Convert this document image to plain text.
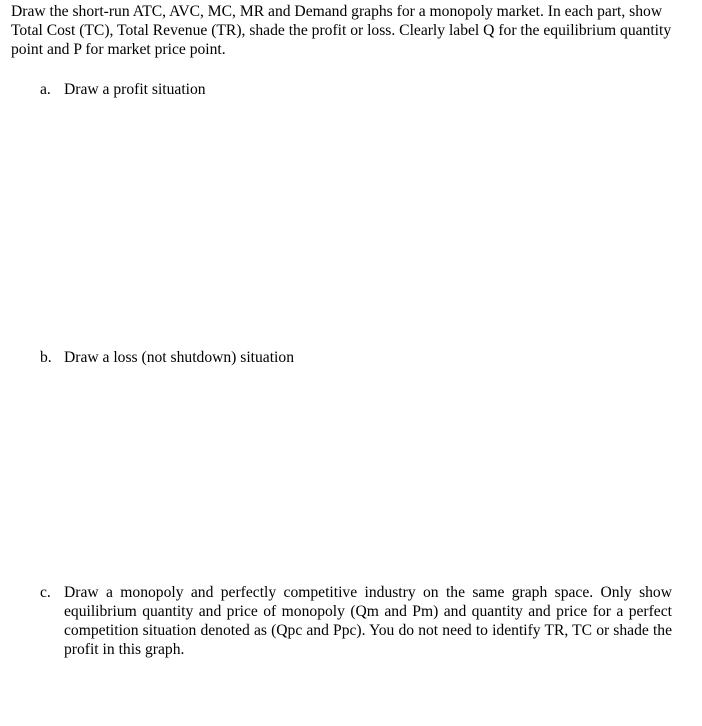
Draw the short-run ATC, AVC, MC, MR and Demand graphs for a monopoly market. In each part, show Total Cost (TC), Total Revenue (TR), shade the profit or loss. Clearly label Q for the equilibrium quantity point and P for market price point.

a. Draw a profit situation
b. Draw a loss (not shutdown) situation
c. Draw a monopoly and perfectly competitive industry on the same graph space. Only show equilibrium quantity and price of monopoly (Qm and Pm) and quantity and price for a perfect competition situation denoted as (Qpc and Ppc). You do not need to identify TR, TC or shade the profit in this graph.
